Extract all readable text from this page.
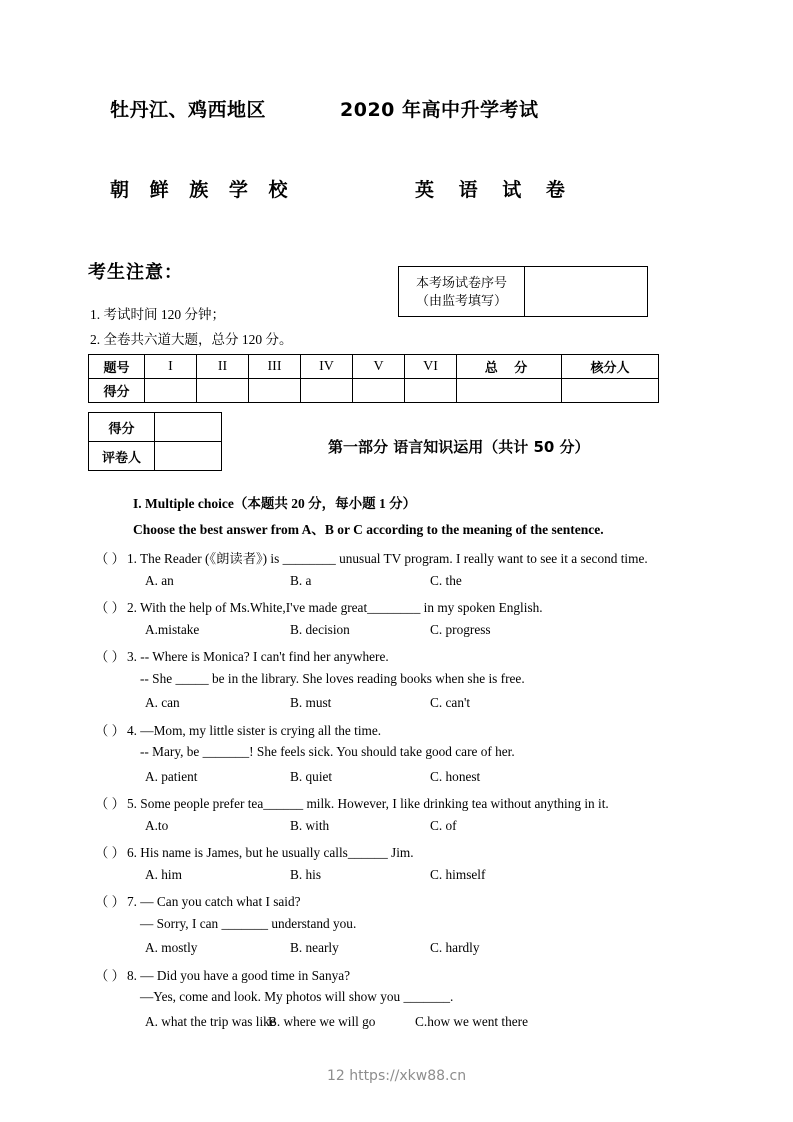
牡丹江、鸡西地区	2020 年高中升学考试
朝 鲜 族 学 校	英 语 试 卷
考生注意：
1. 考试时间 120 分钟；
2. 全卷共六道大题，总分 120 分。
本考场试卷序号
（由监考填写）
题号	I	II	III	IV	V	VI	总 分	核分人
得分								
得分	
评卷人	
第一部分 语言知识运用（共计 50 分）
I. Multiple choice（本题共 20 分，每小题 1 分）
Choose the best answer from A、B or C according to the meaning of the sentence.
（ ） 1. The Reader (《朗读者》) is ________ unusual TV program. I really want to see it a second time.
A. an	B. a	C. the
（ ） 2. With the help of Ms.White,I've made great________ in my spoken English.
A.mistake	B. decision	C. progress
（ ） 3. -- Where is Monica? I can't find her anywhere.
-- She _____ be in the library. She loves reading books when she is free.
A. can	B. must	C. can't
（ ） 4. —Mom, my little sister is crying all the time.
-- Mary, be _______! She feels sick. You should take good care of her.
A. patient	B. quiet	C. honest
（ ） 5. Some people prefer tea______ milk. However, I like drinking tea without anything in it.
A.to	B. with	C. of
（ ） 6. His name is James, but he usually calls______ Jim.
A. him	B. his	C. himself
（ ） 7. — Can you catch what I said?
— Sorry, I can _______ understand you.
A. mostly	B. nearly	C. hardly
（ ） 8. — Did you have a good time in Sanya?
—Yes, come and look. My photos will show you _______.
A. what the trip was like
B. where we will go	C.how we went there
12 https://xkw88.cn
